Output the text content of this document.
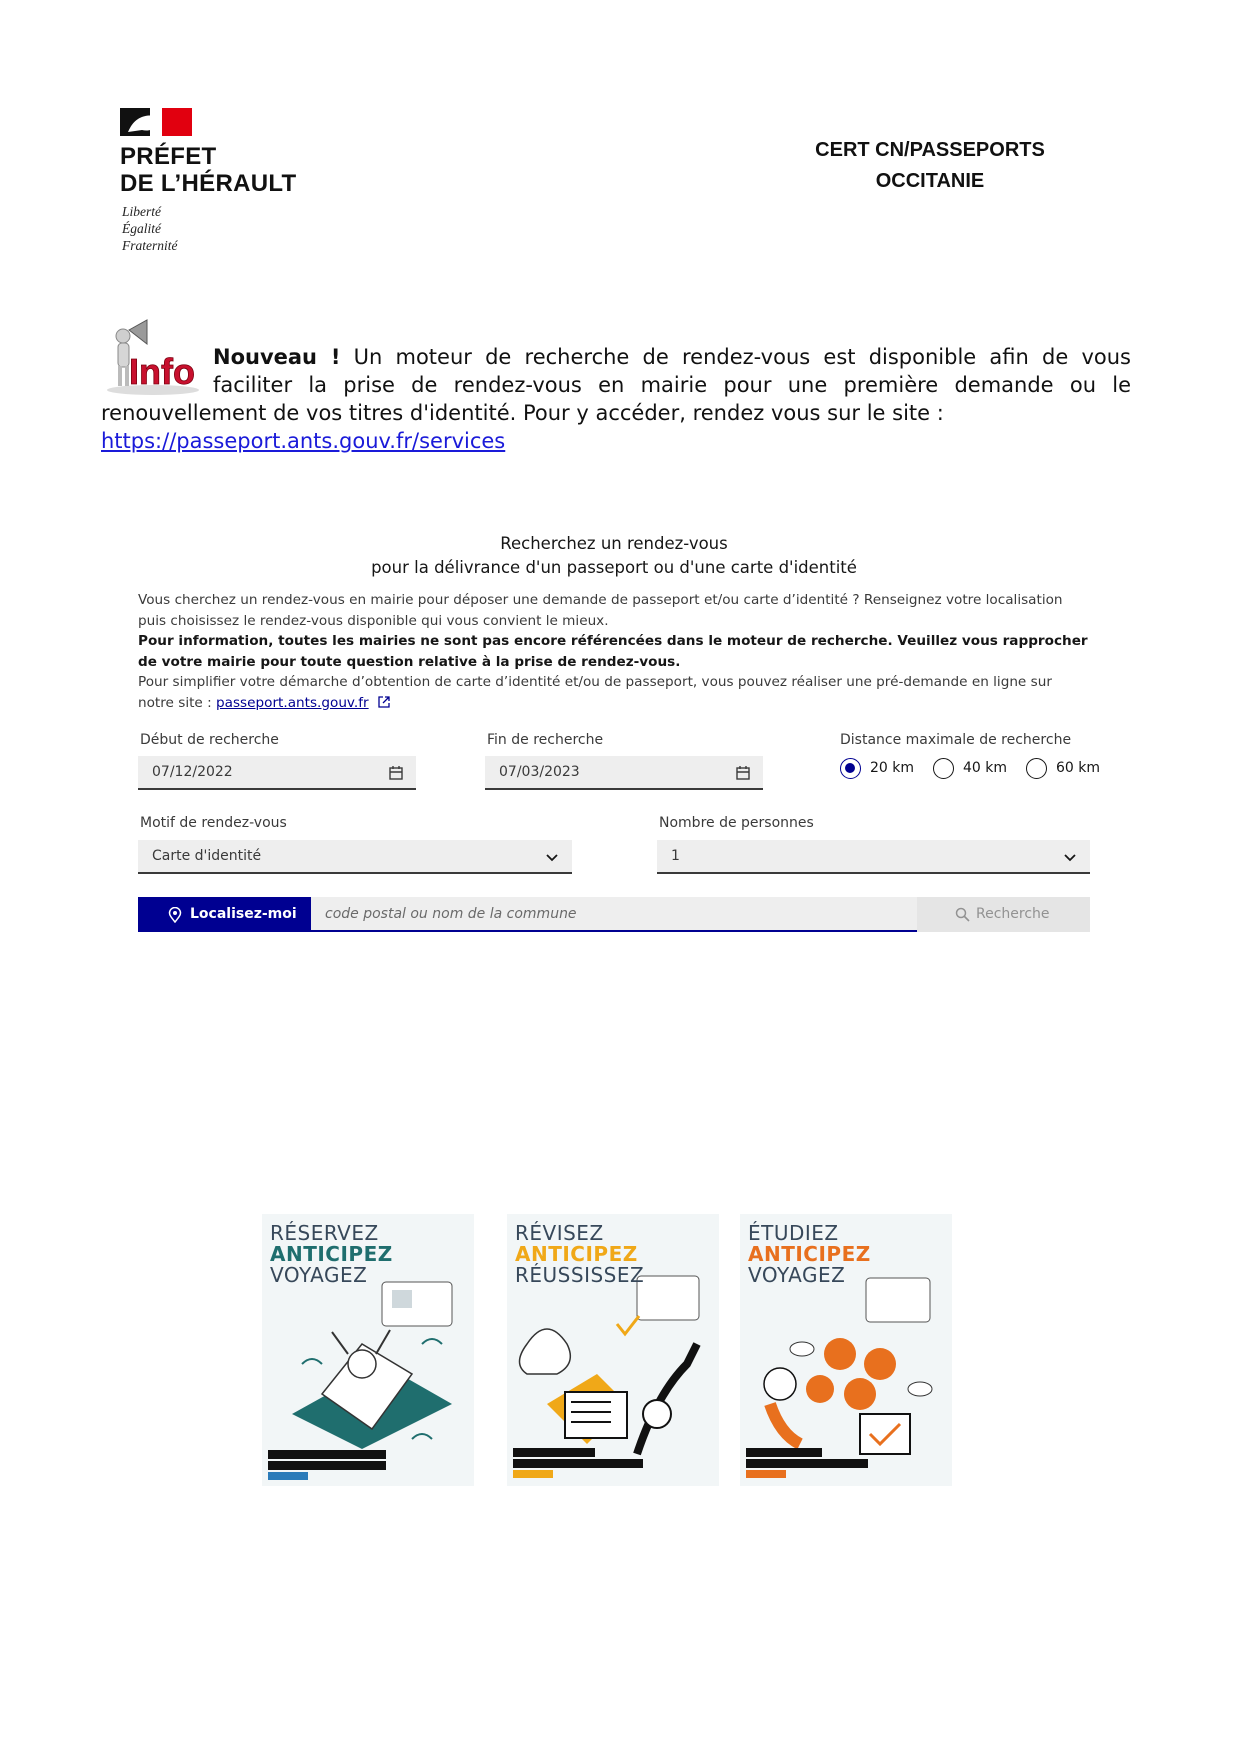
PRÉFET
DE L’HÉRAULT
Liberté
Égalité
Fraternité
CERT CN/PASSEPORTS
OCCITANIE
Info Nouveau ! Un moteur de recherche de rendez-vous est disponible afin de vous faciliter la prise de rendez-vous en mairie pour une première demande ou le renouvellement de vos titres d'identité. Pour y accéder, rendez vous sur le site :
https://passeport.ants.gouv.fr/services
Recherchez un rendez-vous
pour la délivrance d'un passeport ou d'une carte d'identité
Vous cherchez un rendez-vous en mairie pour déposer une demande de passeport et/ou carte d’identité ? Renseignez votre localisation puis choisissez le rendez-vous disponible qui vous convient le mieux.
Pour information, toutes les mairies ne sont pas encore référencées dans le moteur de recherche. Veuillez vous rapprocher de votre mairie pour toute question relative à la prise de rendez-vous.
Pour simplifier votre démarche d’obtention de carte d’identité et/ou de passeport, vous pouvez réaliser une pré-demande en ligne sur notre site : passeport.ants.gouv.fr
Début de recherche
07/12/2022
Fin de recherche
07/03/2023
Distance maximale de recherche
20 km	40 km	60 km
Motif de rendez-vous
Carte d'identité
Nombre de personnes
1
Localisez-moi	code postal ou nom de la commune	Recherche
RÉSERVEZ
ANTICIPEZ
VOYAGEZ
RÉVISEZ
ANTICIPEZ
RÉUSSISSEZ
ÉTUDIEZ
ANTICIPEZ
VOYAGEZ
